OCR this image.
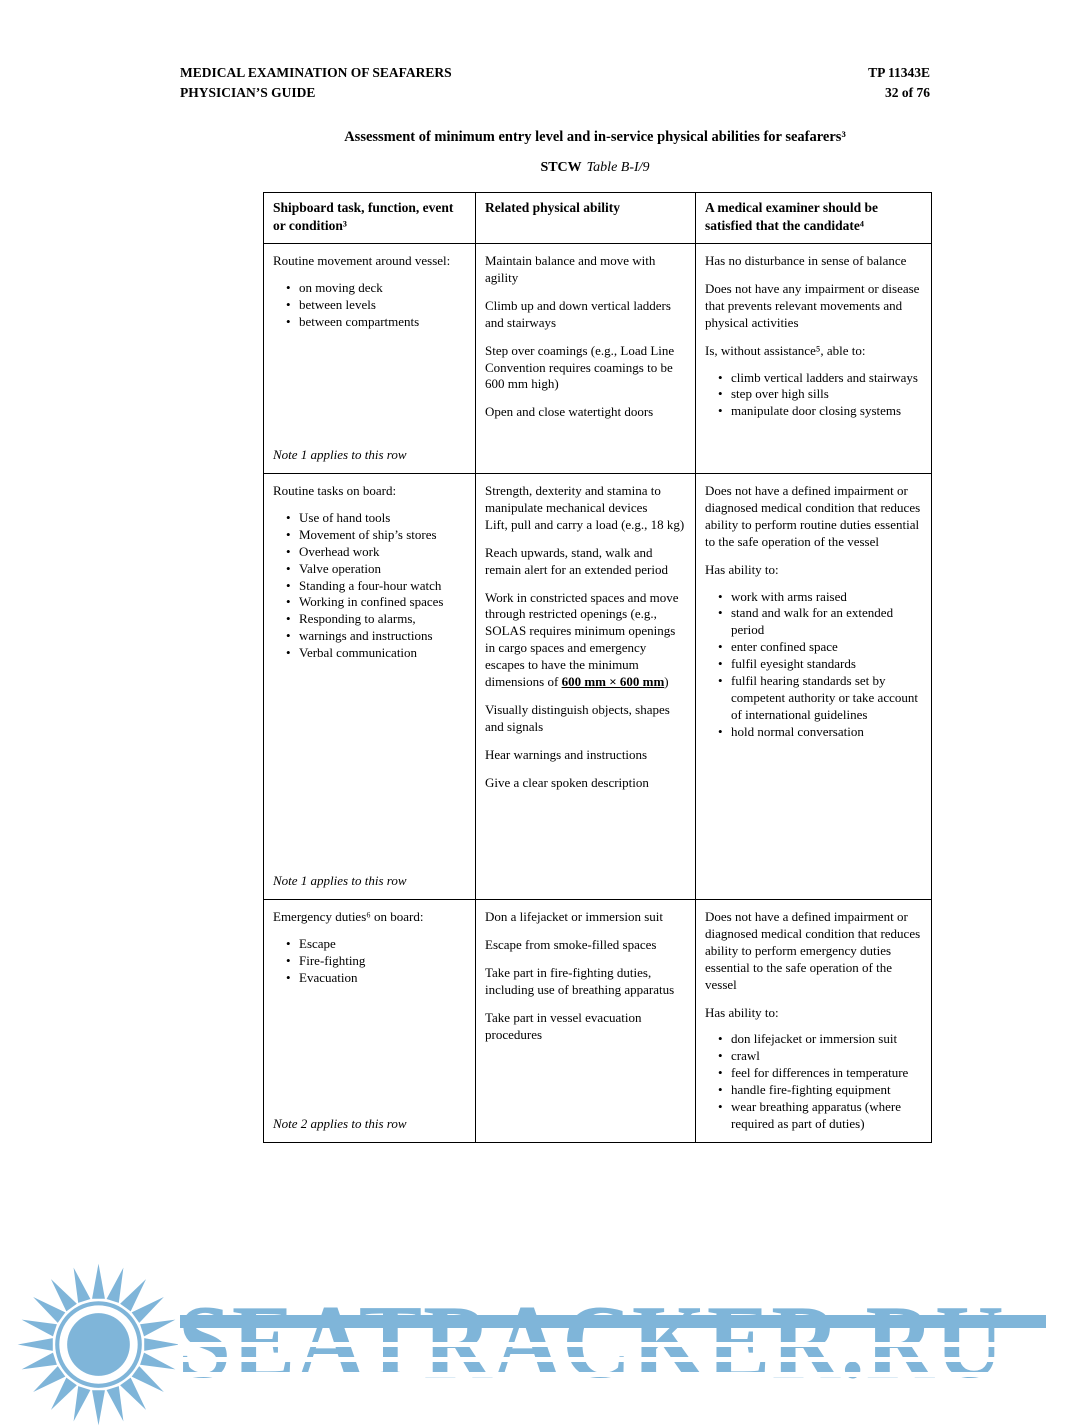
MEDICAL EXAMINATION OF SEAFARERS
PHYSICIAN’S GUIDE
TP 11343E
32 of 76
Assessment of minimum entry level and in-service physical abilities for seafarers³
STCW Table B-I/9
Shipboard task, function, event or condition³
Related physical ability	A medical examiner should be satisfied that the candidate⁴

Routine movement around vessel:

• on moving deck
• between levels
• between compartments

Note 1 applies to this row

Maintain balance and move with agility

Climb up and down vertical ladders and stairways

Step over coamings (e.g., Load Line Convention requires coamings to be 600 mm high)

Open and close watertight doors

Has no disturbance in sense of balance

Does not have any impairment or disease that prevents relevant movements and physical activities

Is, without assistance⁵, able to:

• climb vertical ladders and stairways
• step over high sills
• manipulate door closing systems

Routine tasks on board:

• Use of hand tools
• Movement of ship’s stores
• Overhead work
• Valve operation
• Standing a four-hour watch
• Working in confined spaces
• Responding to alarms,
• warnings and instructions
• Verbal communication

Note 1 applies to this row

Strength, dexterity and stamina to manipulate mechanical devices

Lift, pull and carry a load (e.g., 18 kg)

Reach upwards, stand, walk and remain alert for an extended period

Work in constricted spaces and move through restricted openings (e.g., SOLAS requires minimum openings in cargo spaces and emergency escapes to have the minimum dimensions of 600 mm × 600 mm)

Visually distinguish objects, shapes and signals

Hear warnings and instructions

Give a clear spoken description

Does not have a defined impairment or diagnosed medical condition that reduces ability to perform routine duties essential to the safe operation of the vessel

Has ability to:

• work with arms raised
• stand and walk for an extended period
• enter confined space
• fulfil eyesight standards
• fulfil hearing standards set by competent authority or take account of international guidelines
• hold normal conversation

Emergency duties⁶ on board:

• Escape
• Fire-fighting
• Evacuation

Note 2 applies to this row

Don a lifejacket or immersion suit

Escape from smoke-filled spaces

Take part in fire-fighting duties, including use of breathing apparatus

Take part in vessel evacuation procedures

Does not have a defined impairment or diagnosed medical condition that reduces ability to perform emergency duties essential to the safe operation of the vessel

Has ability to:

• don lifejacket or immersion suit
• crawl
• feel for differences in temperature
• handle fire-fighting equipment
• wear breathing apparatus (where required as part of duties)
